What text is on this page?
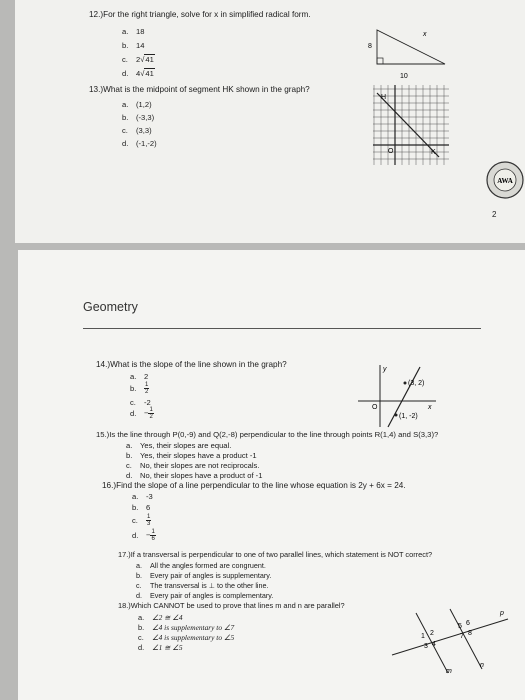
12.)For the right triangle, solve for x in simplified radical form.
a. 18
b. 14
c. 2√41
d. 4√41
x
8
10
13.)What is the midpoint of segment HK shown in the graph?
a. (1,2)
b. (-3,3)
c. (3,3)
d. (-1,-2)
H
O	K
AWA
2
Geometry
14.)What is the slope of the line shown in the graph?
a. 2
b. $\frac{1}{2}$
c. -2
d. − $\frac{1}{2}$
y
(3, 2)
(1, -2)
O	x
15.)Is the line through P(0,-9) and Q(2,-8) perpendicular to the line through points R(1,4) and S(3,3)?
a. Yes, their slopes are equal.
b. Yes, their slopes have a product -1
c. No, their slopes are not reciprocals.
d. No, their slopes have a product of -1
16.)Find the slope of a line perpendicular to the line whose equation is 2y + 6x = 24.
a. -3
b. 6
c. $\frac{1}{3}$
d. − $\frac{1}{6}$
17.)If a transversal is perpendicular to one of two parallel lines, which statement is NOT correct?
a. All the angles formed are congruent.
b. Every pair of angles is supplementary.
c. The transversal is ⊥ to the other line.
d. Every pair of angles is complementary.
18.)Which CANNOT be used to prove that lines m and n are parallel?
a. ∠2 ≅ ∠4
b. ∠4 is supplementary to ∠7
c. ∠4 is supplementary to ∠5
d. ∠1 ≅ ∠5
p
m
n
1 2
3 4
5 6
7 8
